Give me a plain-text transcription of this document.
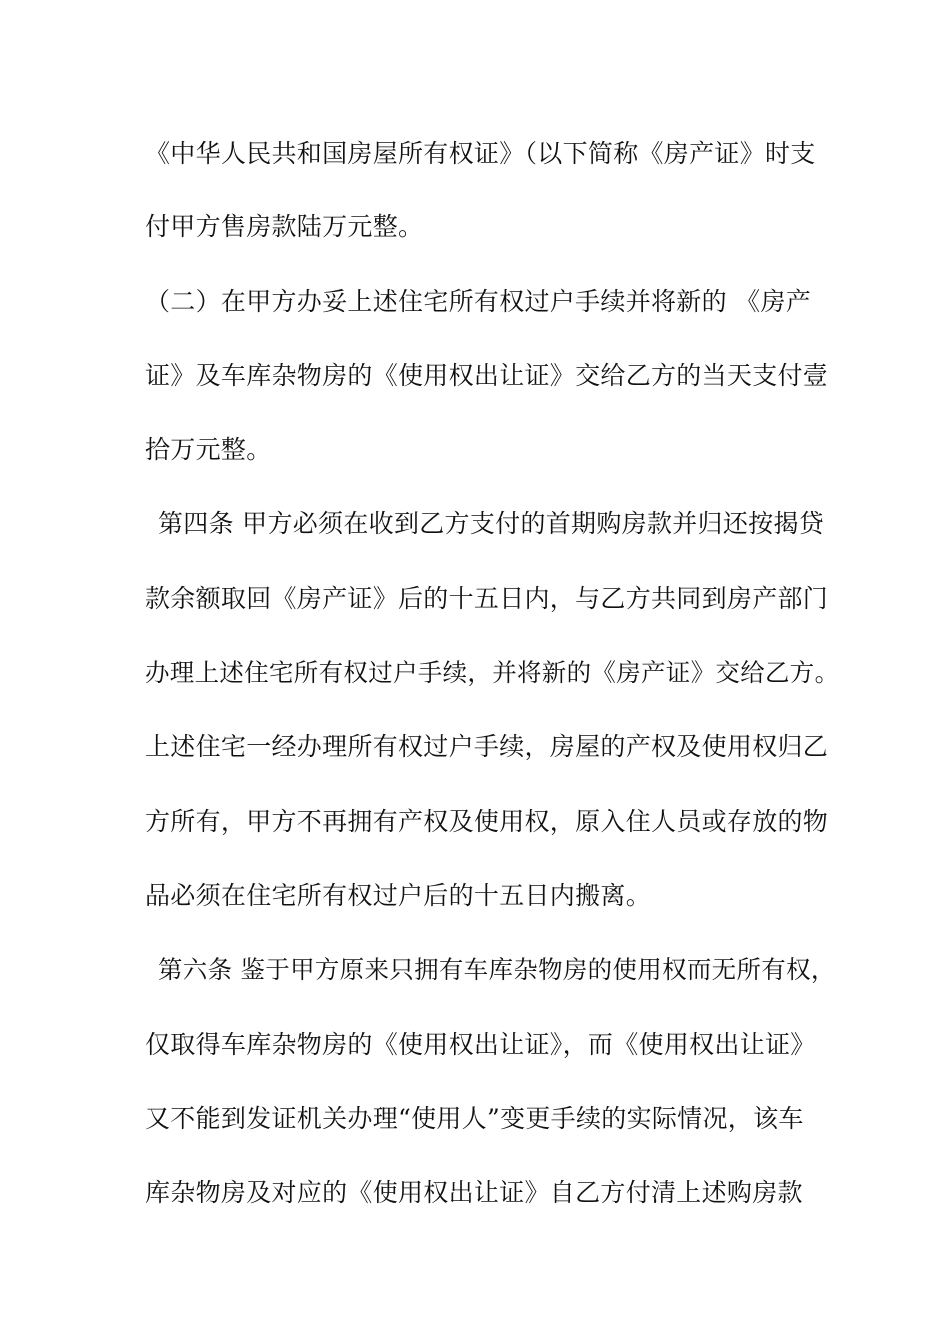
《中华人民共和国房屋所有权证》（以下简称《房产证》时支
付甲方售房款陆万元整。
（二）在甲方办妥上述住宅所有权过户手续并将新的 《房产
证》及车库杂物房的《使用权出让证》交给乙方的当天支付壹
拾万元整。
第四条 甲方必须在收到乙方支付的首期购房款并归还按揭贷
款余额取回《房产证》后的十五日内，与乙方共同到房产部门
办理上述住宅所有权过户手续，并将新的《房产证》交给乙方。
上述住宅一经办理所有权过户手续，房屋的产权及使用权归乙
方所有，甲方不再拥有产权及使用权，原入住人员或存放的物
品必须在住宅所有权过户后的十五日内搬离。
第六条 鉴于甲方原来只拥有车库杂物房的使用权而无所有权，
仅取得车库杂物房的《使用权出让证》，而《使用权出让证》
又不能到发证机关办理“使用人”变更手续的实际情况，该车
库杂物房及对应的《使用权出让证》自乙方付清上述购房款
